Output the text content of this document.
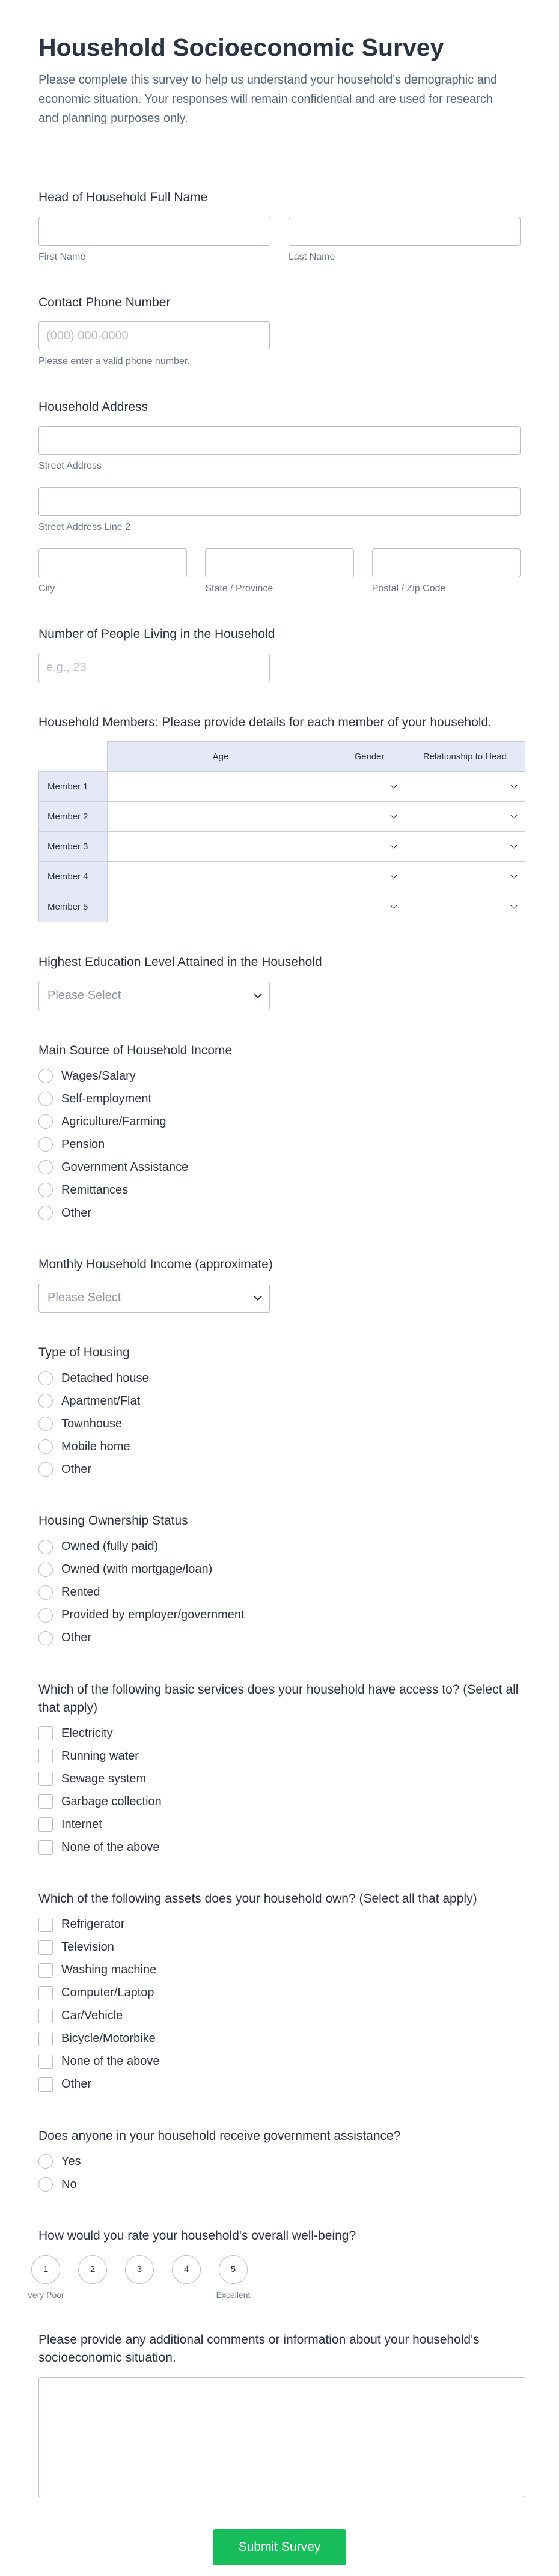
Household Socioeconomic Survey

Please complete this survey to help us understand your household's demographic and economic situation. Your responses will remain confidential and are used for research and planning purposes only.

Head of Household Full Name
First Name	Last Name
Contact Phone Number
(000) 000-0000
Please enter a valid phone number.
Household Address
Street Address
Street Address Line 2
City	State / Province	Postal / Zip Code
Number of People Living in the Household
e.g., 23
Household Members: Please provide details for each member of your household.
	Age	Gender	Relationship to Head
Member 1		

Member 2		

Member 3		

Member 4		

Member 5		

Highest Education Level Attained in the Household
Please Select
Main Source of Household Income
Wages/Salary
Self-employment
Agriculture/Farming
Pension
Government Assistance
Remittances
Other
Monthly Household Income (approximate)
Please Select
Type of Housing
Detached house
Apartment/Flat
Townhouse
Mobile home
Other
Housing Ownership Status
Owned (fully paid)
Owned (with mortgage/loan)
Rented
Provided by employer/government
Other
Which of the following basic services does your household have access to? (Select all that apply)
Electricity
Running water
Sewage system
Garbage collection
Internet
None of the above
Which of the following assets does your household own? (Select all that apply)
Refrigerator
Television
Washing machine
Computer/Laptop
Car/Vehicle
Bicycle/Motorbike
None of the above
Other
Does anyone in your household receive government assistance?
Yes
No
How would you rate your household's overall well-being?
1
Very Poor
2	3	4	5
Excellent
Please provide any additional comments or information about your household's socioeconomic situation.
Submit Survey
